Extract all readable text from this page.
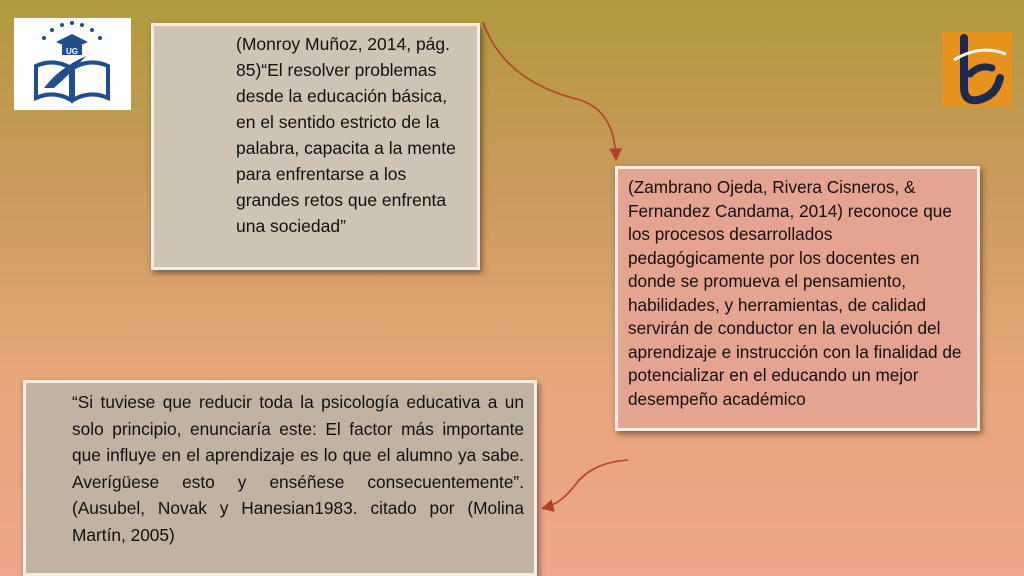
UG	(Monroy Muñoz, 2014, pág. 85)“El resolver problemas desde la educación básica, en el sentido estricto de la palabra, capacita a la mente para enfrentarse a los grandes retos que enfrenta una sociedad”
(Zambrano Ojeda, Rivera Cisneros, & Fernandez Candama, 2014) reconoce que los procesos desarrollados pedagógicamente por los docentes en donde se promueva el pensamiento, habilidades, y herramientas, de calidad servirán de conductor en la evolución del aprendizaje e instrucción con la finalidad de potencializar en el educando un mejor desempeño académico
“Si tuviese que reducir toda la psicología educativa a un solo principio, enunciaría este: El factor más importante que influye en el aprendizaje es lo que el alumno ya sabe. Averígüese esto y enséñese consecuentemente”. (Ausubel, Novak y Hanesian1983. citado por (Molina Martín, 2005)
